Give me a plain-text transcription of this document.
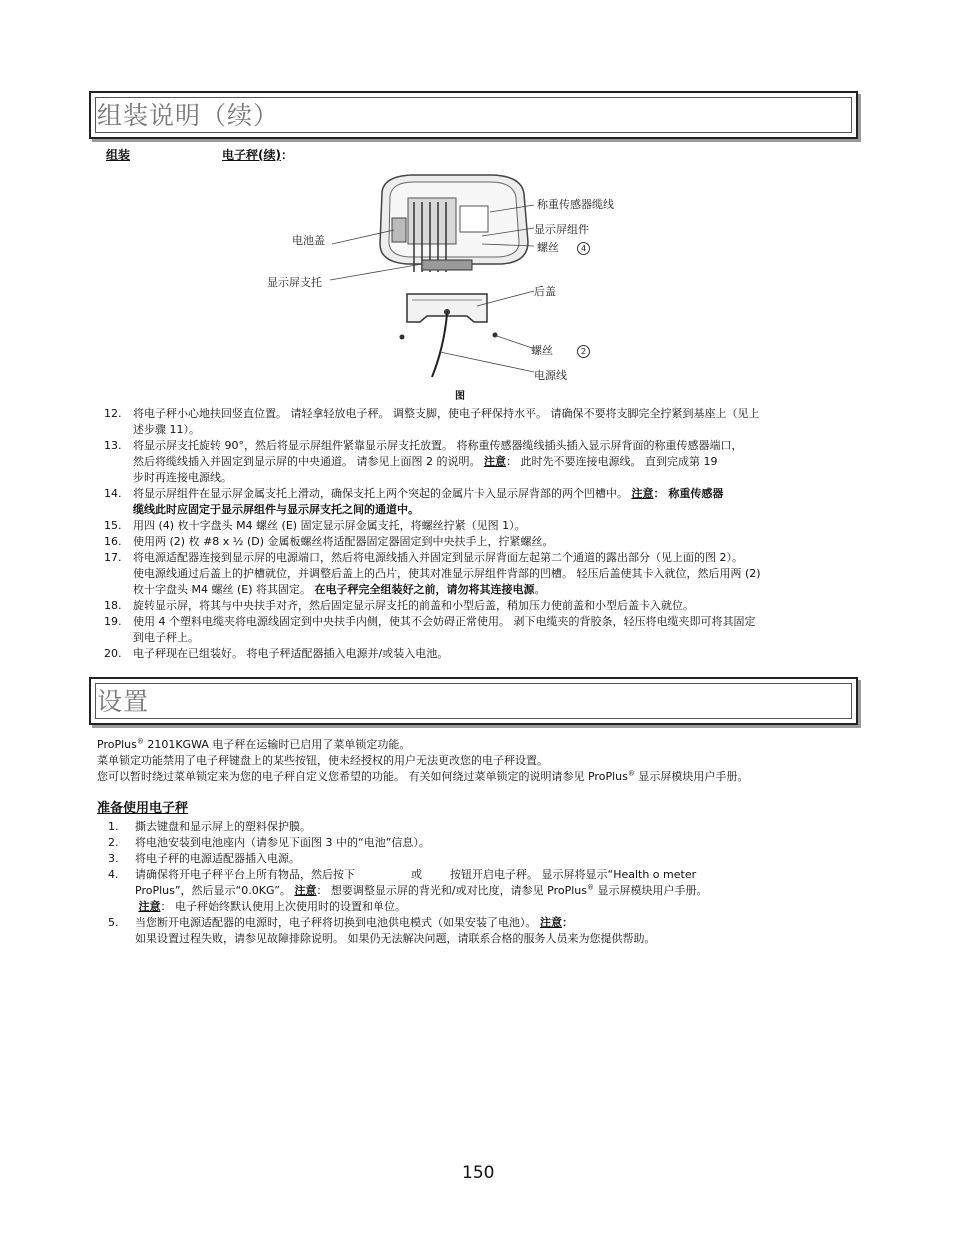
组装说明（续）
组装	电子秤(续)：
称重传感器缆线
显示屏组件
螺丝	4
电池盖
显示屏支托
后盖
螺丝	2
电源线
图
12.	将电子秤小心地扶回竖直位置。 请轻拿轻放电子秤。 调整支脚，使电子秤保持水平。 请确保不要将支脚完全拧紧到基座上（见上
述步骤 11）。
13.	将显示屏支托旋转 90°，然后将显示屏组件紧靠显示屏支托放置。 将称重传感器缆线插头插入显示屏背面的称重传感器端口，
然后将缆线插入并固定到显示屏的中央通道。 请参见上面图 2 的说明。 注意： 此时先不要连接电源线。 直到完成第 19
步时再连接电源线。
14.	将显示屏组件在显示屏金属支托上滑动，确保支托上两个突起的金属片卡入显示屏背部的两个凹槽中。 注意： 称重传感器
缆线此时应固定于显示屏组件与显示屏支托之间的通道中。
15.	用四 (4) 枚十字盘头 M4 螺丝 (E) 固定显示屏金属支托，将螺丝拧紧（见图 1）。
16.	使用两 (2) 枚 #8 x ½ (D) 金属板螺丝将适配器固定器固定到中央扶手上，拧紧螺丝。
17.	将电源适配器连接到显示屏的电源端口，然后将电源线插入并固定到显示屏背面左起第二个通道的露出部分（见上面的图 2）。
使电源线通过后盖上的护槽就位，并调整后盖上的凸片，使其对准显示屏组件背部的凹槽。 轻压后盖使其卡入就位，然后用两 (2)
枚十字盘头 M4 螺丝 (E) 将其固定。 在电子秤完全组装好之前，请勿将其连接电源。
18.	旋转显示屏，将其与中央扶手对齐，然后固定显示屏支托的前盖和小型后盖，稍加压力使前盖和小型后盖卡入就位。
19.	使用 4 个塑料电缆夹将电源线固定到中央扶手内侧，使其不会妨碍正常使用。 剥下电缆夹的背胶条，轻压将电缆夹即可将其固定
到电子秤上。
20.	电子秤现在已组装好。 将电子秤适配器插入电源并/或装入电池。
设置

ProPlus® 2101KGWA 电子秤在运输时已启用了菜单锁定功能。

菜单锁定功能禁用了电子秤键盘上的某些按钮，使未经授权的用户无法更改您的电子秤设置。

您可以暂时绕过菜单锁定来为您的电子秤自定义您希望的功能。 有关如何绕过菜单锁定的说明请参见 ProPlus® 显示屏模块用户手册。

准备使用电子秤
1.	撕去键盘和显示屏上的塑料保护膜。
2.	将电池安装到电池座内（请参见下面图 3 中的“电池”信息）。
3.	将电子秤的电源适配器插入电源。
4.	请确保将开电子秤平台上所有物品，然后按下	或	按钮开启电子秤。 显示屏将显示“Health o meter
ProPlus”，然后显示“0.0KG”。 注意： 想要调整显示屏的背光和/或对比度，请参见 ProPlus® 显示屏模块用户手册。
注意： 电子秤始终默认使用上次使用时的设置和单位。
5.	当您断开电源适配器的电源时，电子秤将切换到电池供电模式（如果安装了电池）。 注意：
如果设置过程失败，请参见故障排除说明。 如果仍无法解决问题，请联系合格的服务人员来为您提供帮助。
150
